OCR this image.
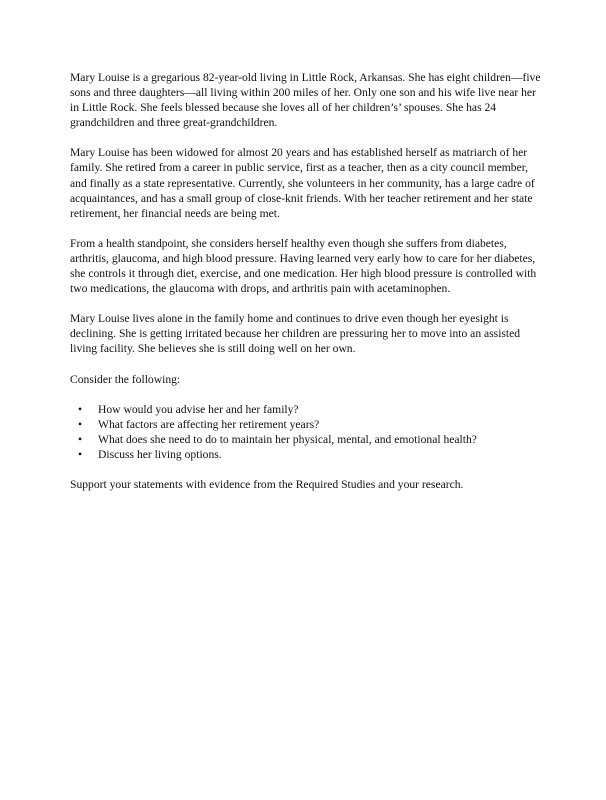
Mary Louise is a gregarious 82-year-old living in Little Rock, Arkansas. She has eight children—five sons and three daughters—all living within 200 miles of her. Only one son and his wife live near her in Little Rock. She feels blessed because she loves all of her children’s’ spouses. She has 24 grandchildren and three great-grandchildren.

Mary Louise has been widowed for almost 20 years and has established herself as matriarch of her family. She retired from a career in public service, first as a teacher, then as a city council member, and finally as a state representative. Currently, she volunteers in her community, has a large cadre of acquaintances, and has a small group of close-knit friends. With her teacher retirement and her state retirement, her financial needs are being met.

From a health standpoint, she considers herself healthy even though she suffers from diabetes, arthritis, glaucoma, and high blood pressure. Having learned very early how to care for her diabetes, she controls it through diet, exercise, and one medication. Her high blood pressure is controlled with two medications, the glaucoma with drops, and arthritis pain with acetaminophen.

Mary Louise lives alone in the family home and continues to drive even though her eyesight is declining. She is getting irritated because her children are pressuring her to move into an assisted living facility. She believes she is still doing well on her own.

Consider the following:

• How would you advise her and her family?
• What factors are affecting her retirement years?
• What does she need to do to maintain her physical, mental, and emotional health?
• Discuss her living options.

Support your statements with evidence from the Required Studies and your research.
